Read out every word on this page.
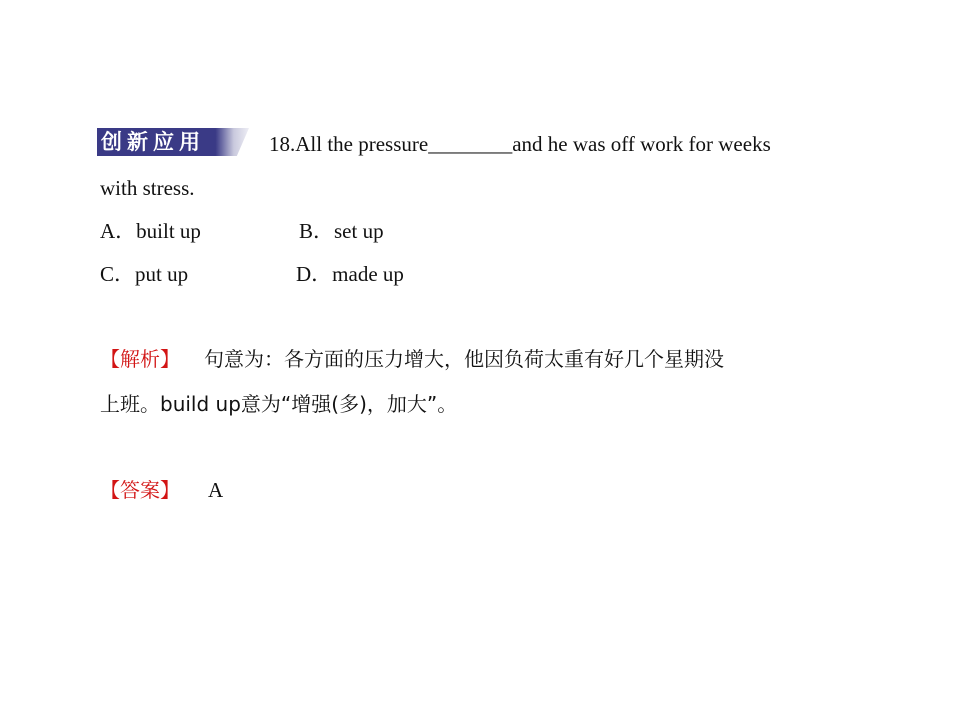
创新应用	18.All the pressure________and he was off work for weeks
with stress.
A．built up	B．set up
C．put up	D．made up
【解析】 句意为：各方面的压力增大，他因负荷太重有好几个星期没
上班。build up意为“增强(多)，加大”。
【答案】 A
